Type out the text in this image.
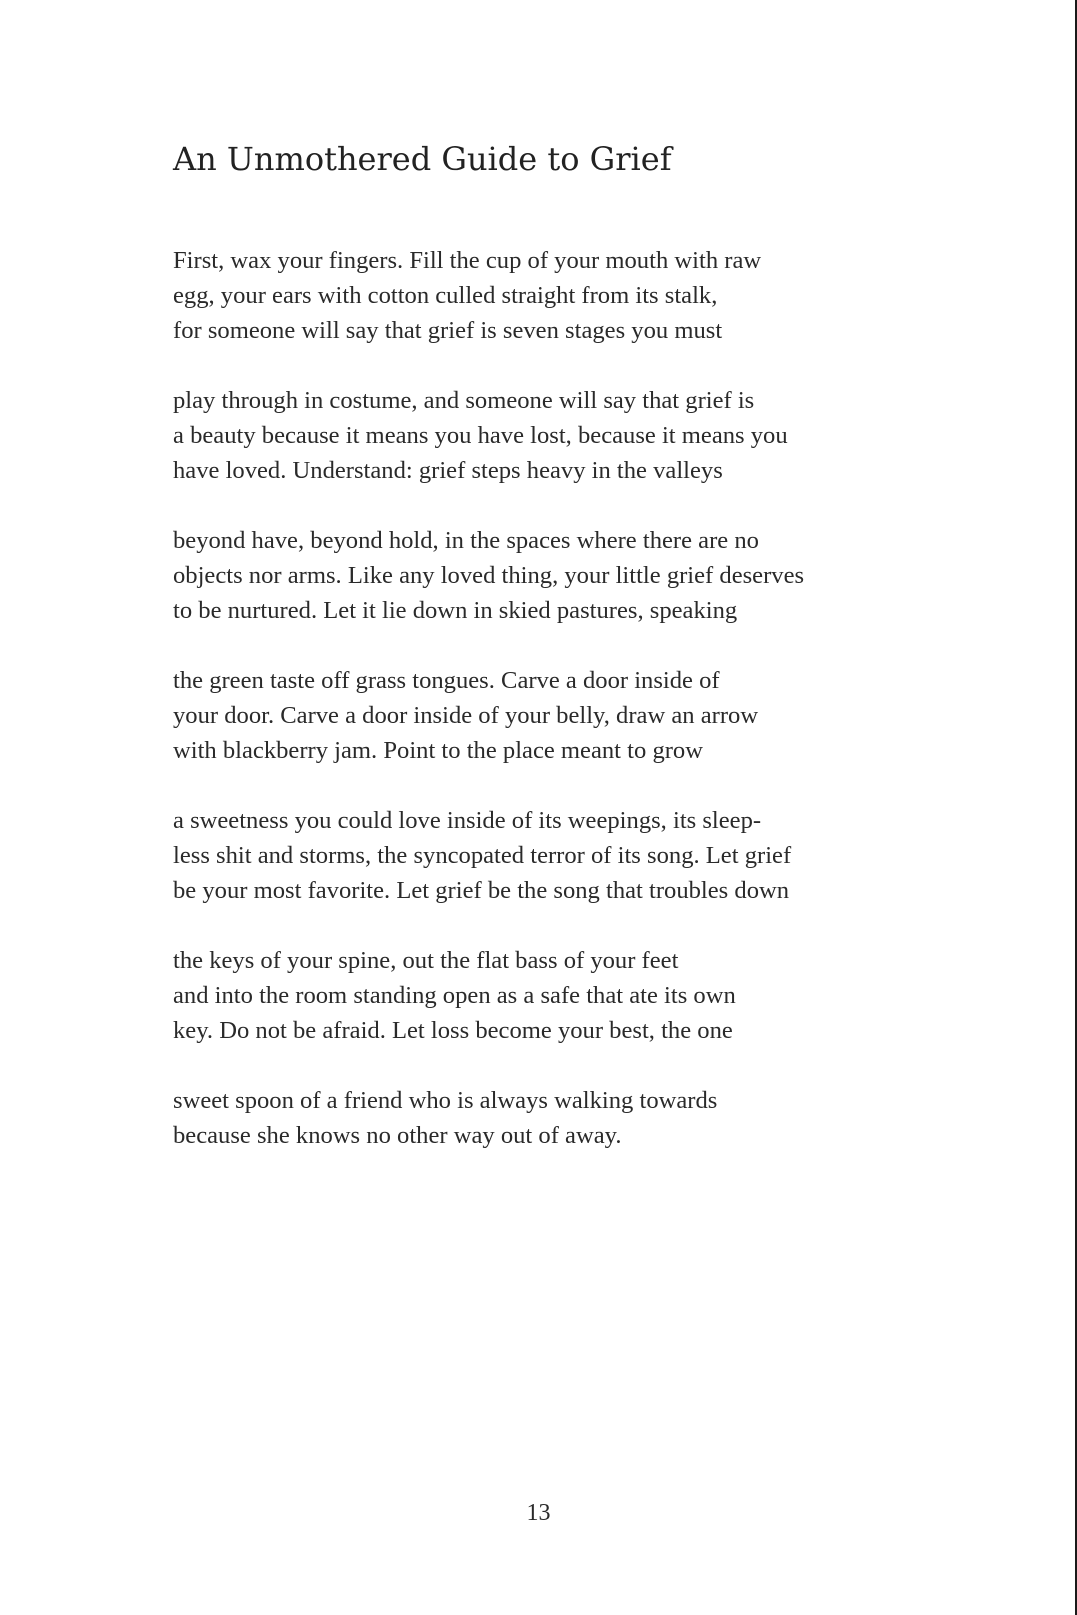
An Unmothered Guide to Grief

First, wax your fingers. Fill the cup of your mouth with raw
egg, your ears with cotton culled straight from its stalk,
for someone will say that grief is seven stages you must

play through in costume, and someone will say that grief is
a beauty because it means you have lost, because it means you
have loved. Understand: grief steps heavy in the valleys

beyond have, beyond hold, in the spaces where there are no
objects nor arms. Like any loved thing, your little grief deserves
to be nurtured. Let it lie down in skied pastures, speaking

the green taste off grass tongues. Carve a door inside of
your door. Carve a door inside of your belly, draw an arrow
with blackberry jam. Point to the place meant to grow

a sweetness you could love inside of its weepings, its sleep-
less shit and storms, the syncopated terror of its song. Let grief
be your most favorite. Let grief be the song that troubles down

the keys of your spine, out the flat bass of your feet
and into the room standing open as a safe that ate its own
key. Do not be afraid. Let loss become your best, the one

sweet spoon of a friend who is always walking towards
because she knows no other way out of away.

13
